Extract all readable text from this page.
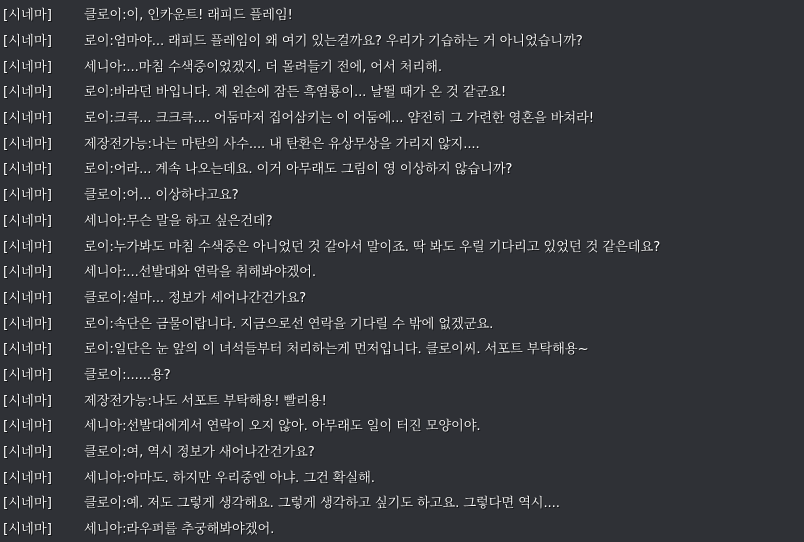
[시네마]	클로이:이, 인카운트! 래피드 플레임!
[시네마]	로이:엄마야... 래피드 플레임이 왜 여기 있는걸까요? 우리가 기습하는 거 아니었습니까?
[시네마]	세니아:...마침 수색중이었겠지. 더 몰려들기 전에, 어서 처리해.
[시네마]	로이:바라던 바입니다. 제 왼손에 잠든 흑염룡이... 날뛸 때가 온 것 같군요!
[시네마]	로이:크큭... 크크큭.... 어둠마저 집어삼키는 이 어둠에... 얌전히 그 가련한 영혼을 바쳐라!
[시네마]	제장전가능:나는 마탄의 사수.... 내 탄환은 유상무상을 가리지 않지....
[시네마]	로이:어라... 계속 나오는데요. 이거 아무래도 그림이 영 이상하지 않습니까?
[시네마]	클로이:어... 이상하다고요?
[시네마]	세니아:무슨 말을 하고 싶은건데?
[시네마]	로이:누가봐도 마침 수색중은 아니었던 것 같아서 말이죠. 딱 봐도 우릴 기다리고 있었던 것 같은데요?
[시네마]	세니아:...선발대와 연락을 취해봐야겠어.
[시네마]	클로이:설마... 정보가 세어나간건가요?
[시네마]	로이:속단은 금물이랍니다. 지금으로선 연락을 기다릴 수 밖에 없겠군요.
[시네마]	로이:일단은 눈 앞의 이 녀석들부터 처리하는게 먼저입니다. 클로이씨. 서포트 부탁해용~
[시네마]	클로이:......용?
[시네마]	제장전가능:나도 서포트 부탁해용! 빨리용!
[시네마]	세니아:선발대에게서 연락이 오지 않아. 아무래도 일이 터진 모양이야.
[시네마]	클로이:여, 역시 정보가 새어나간건가요?
[시네마]	세니아:아마도. 하지만 우리중엔 아냐. 그건 확실해.
[시네마]	클로이:예. 저도 그렇게 생각해요. 그렇게 생각하고 싶기도 하고요. 그렇다면 역시....
[시네마]	세니아:라우퍼를 추궁해봐야겠어.
